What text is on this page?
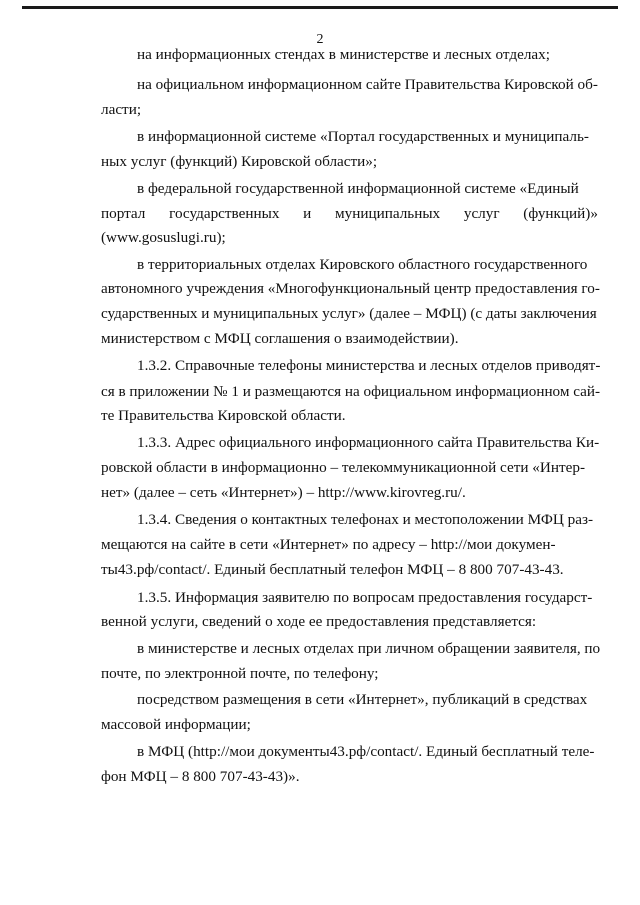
2
на информационных стендах в министерстве и лесных отделах;
на официальном информационном сайте Правительства Кировской об-
ласти;
в информационной системе «Портал государственных и муниципаль-
ных услуг (функций) Кировской области»;
в федеральной государственной информационной системе «Единый
портал государственных и муниципальных услуг (функций)»
(www.gosuslugi.ru);
в территориальных отделах Кировского областного государственного
автономного учреждения «Многофункциональный центр предоставления го-
сударственных и муниципальных услуг» (далее – МФЦ) (с даты заключения
министерством с МФЦ соглашения о взаимодействии).
1.3.2. Справочные телефоны министерства и лесных отделов приводят-
ся в приложении № 1 и размещаются на официальном информационном сай-
те Правительства Кировской области.
1.3.3. Адрес официального информационного сайта Правительства Ки-
ровской области в информационно – телекоммуникационной сети «Интер-
нет» (далее – сеть «Интернет») – http://www.kirovreg.ru/.
1.3.4. Сведения о контактных телефонах и местоположении МФЦ раз-
мещаются на сайте в сети «Интернет» по адресу – http://мои докумен-
ты43.рф/contact/. Единый бесплатный телефон МФЦ – 8 800 707-43-43.
1.3.5. Информация заявителю по вопросам предоставления государст-
венной услуги, сведений о ходе ее предоставления представляется:
в министерстве и лесных отделах при личном обращении заявителя, по
почте, по электронной почте, по телефону;
посредством размещения в сети «Интернет», публикаций в средствах
массовой информации;
в МФЦ (http://мои документы43.рф/contact/. Единый бесплатный теле-
фон МФЦ – 8 800 707-43-43)».
